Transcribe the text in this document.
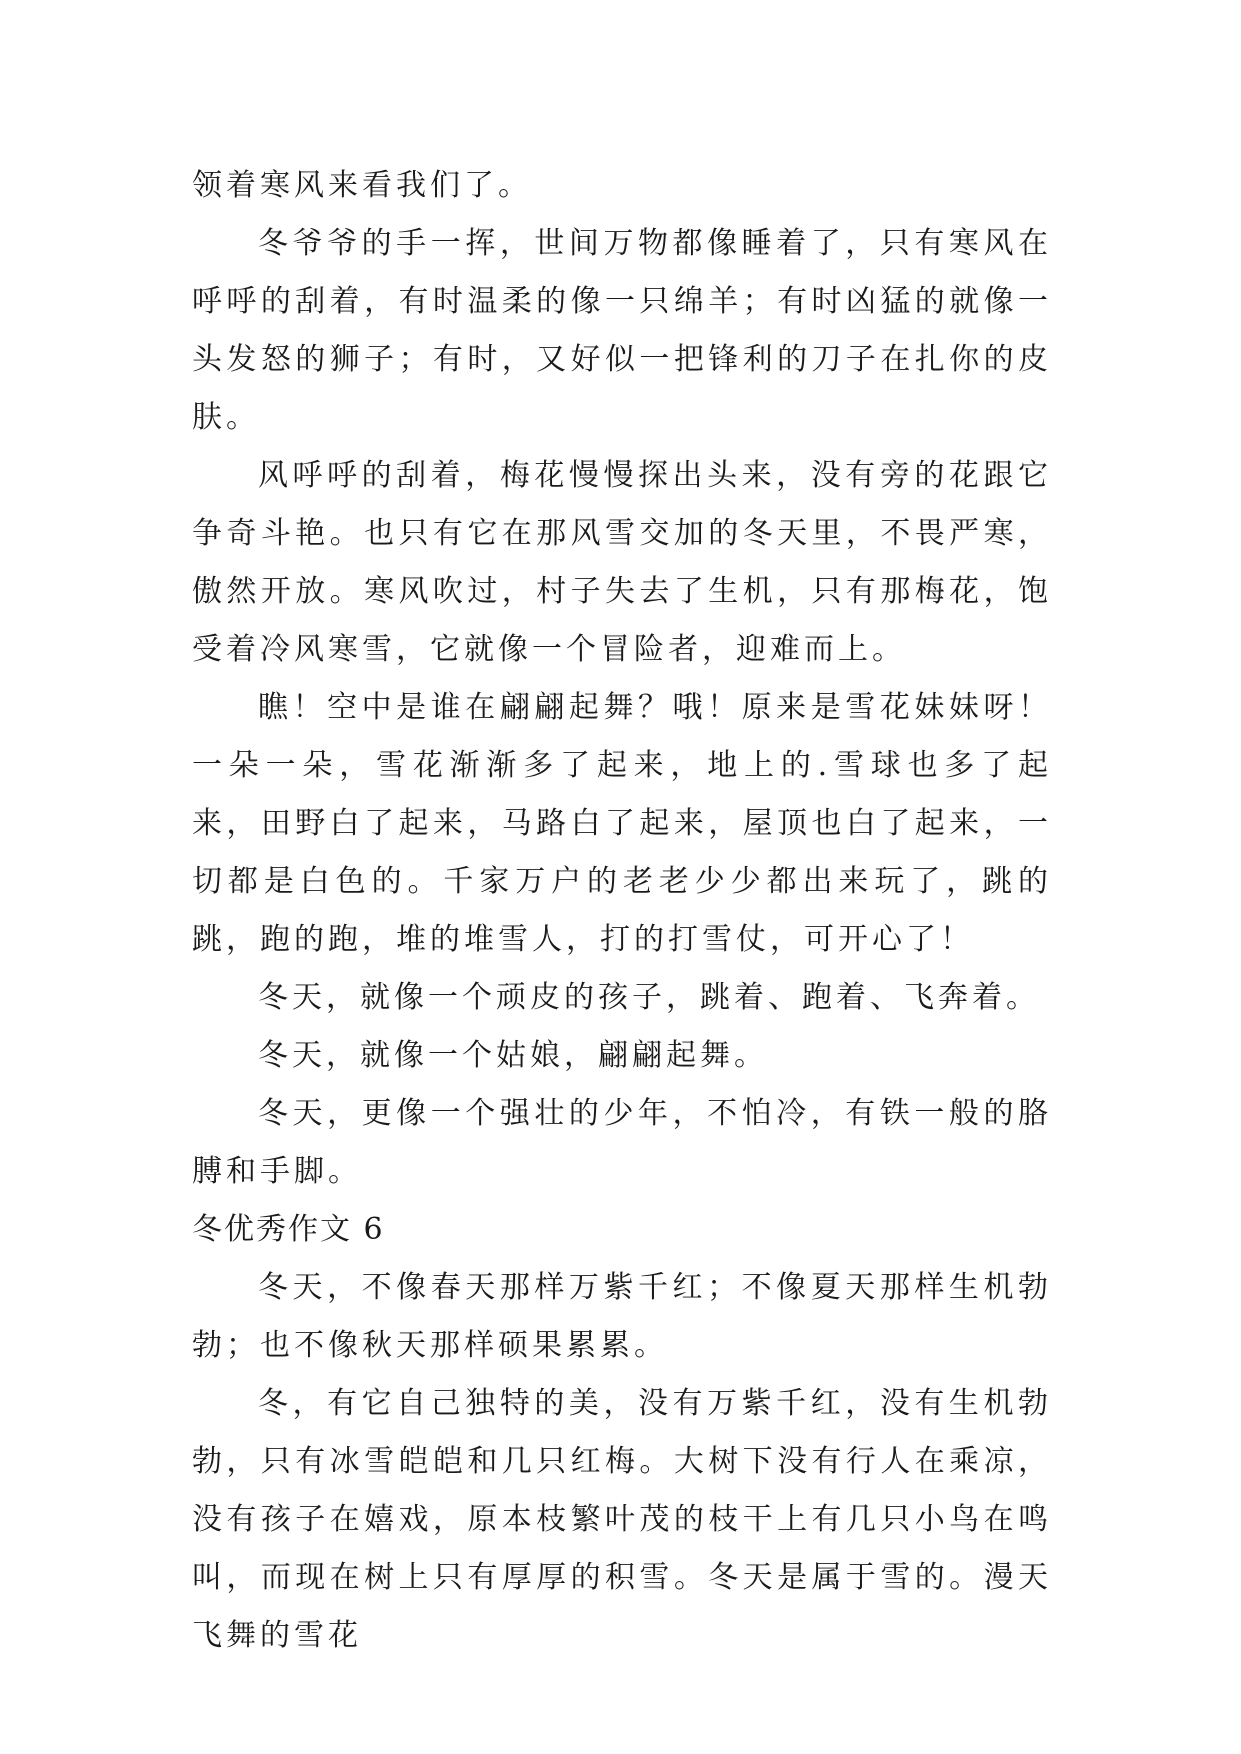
领着寒风来看我们了。

冬爷爷的手一挥，世间万物都像睡着了，只有寒风在呼呼的刮着，有时温柔的像一只绵羊；有时凶猛的就像一头发怒的狮子；有时，又好似一把锋利的刀子在扎你的皮肤。

风呼呼的刮着，梅花慢慢探出头来，没有旁的花跟它争奇斗艳。也只有它在那风雪交加的冬天里，不畏严寒，傲然开放。寒风吹过，村子失去了生机，只有那梅花，饱受着冷风寒雪，它就像一个冒险者，迎难而上。

瞧！空中是谁在翩翩起舞？哦！原来是雪花妹妹呀！一朵一朵，雪花渐渐多了起来，地上的.雪球也多了起来，田野白了起来，马路白了起来，屋顶也白了起来，一切都是白色的。千家万户的老老少少都出来玩了，跳的跳，跑的跑，堆的堆雪人，打的打雪仗，可开心了！

冬天，就像一个顽皮的孩子，跳着、跑着、飞奔着。

冬天，就像一个姑娘，翩翩起舞。

冬天，更像一个强壮的少年，不怕冷，有铁一般的胳膊和手脚。

冬优秀作文 6

冬天，不像春天那样万紫千红；不像夏天那样生机勃勃；也不像秋天那样硕果累累。

冬，有它自己独特的美，没有万紫千红，没有生机勃勃，只有冰雪皑皑和几只红梅。大树下没有行人在乘凉，没有孩子在嬉戏，原本枝繁叶茂的枝干上有几只小鸟在鸣叫，而现在树上只有厚厚的积雪。冬天是属于雪的。漫天飞舞的雪花
